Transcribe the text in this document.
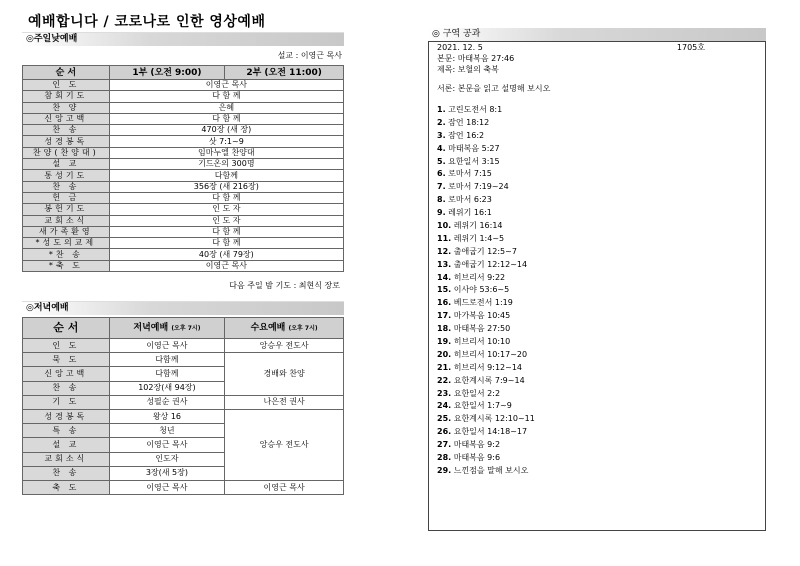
예배합니다 / 코로나로 인한 영상예배
◎주일낮예배
설교 : 이영근 목사
순 서	1부 (오전 9:00)	2부 (오전 11:00)
인 도	이영근 목사	
참회기도	다 함 께	
찬 양	은혜	
신앙고백	다 함 께	
찬 송	470장 (새 장)	
성경봉독	삿 7:1~9	
찬양(찬양대)	임마누엘 찬양대	
설 교	기드온의 300명	
통성기도	다함께	
찬 송	356장 (새 216장)	
헌 금	다 함 께	
봉헌기도	인 도 자	
교회소식	인 도 자	
새가족환영	다 함 께	
*성도의교제	다 함 께	
*찬 송	40장 (새 79장)	
*축 도	이영근 목사	
다음 주일 밤 기도 : 최현식 장로
◎저녁예배
순 서	저녁예배 (오후 7시)	수요예배 (오후 7시)
인 도	이영근 목사	앙승우 전도사
묵 도	다함께	경배와 찬양
신앙고백	다함께	
찬 송	102장(새 94장)	
기 도	성필순 권사	나은전 권사
성경봉독	왕상 16	앙승우 전도사
특 송	청년	
설 교	이영근 목사	
교회소식	인도자	
찬 송	3장(새 5장)	
축 도	이영근 목사	이영근 목사
◎ 구역 공과
2021. 12. 5	1705호
본문: 마태복음 27:46
제목: 보혈의 축복
서론: 본문을 읽고 설명해 보시오
1. 고린도전서 8:1
2. 잠언 18:12
3. 잠언 16:2
4. 마태복음 5:27
5. 요한일서 3:15
6. 로마서 7:15
7. 로마서 7:19~24
8. 로마서 6:23
9. 레위기 16:1
10. 레위기 16:14
11. 레위기 1:4~5
12. 출애굽기 12:5~7
13. 출애굽기 12:12~14
14. 히브리서 9:22
15. 이사야 53:6~5
16. 베드로전서 1:19
17. 마가복음 10:45
18. 마태복음 27:50
19. 히브리서 10:10
20. 히브리서 10:17~20
21. 히브리서 9:12~14
22. 요한계시록 7:9~14
23. 요한일서 2:2
24. 요한일서 1:7~9
25. 요한계시록 12:10~11
26. 요한일서 14:18~17
27. 마태복음 9:2
28. 마태복음 9:6
29. 느낀점을 말해 보시오
